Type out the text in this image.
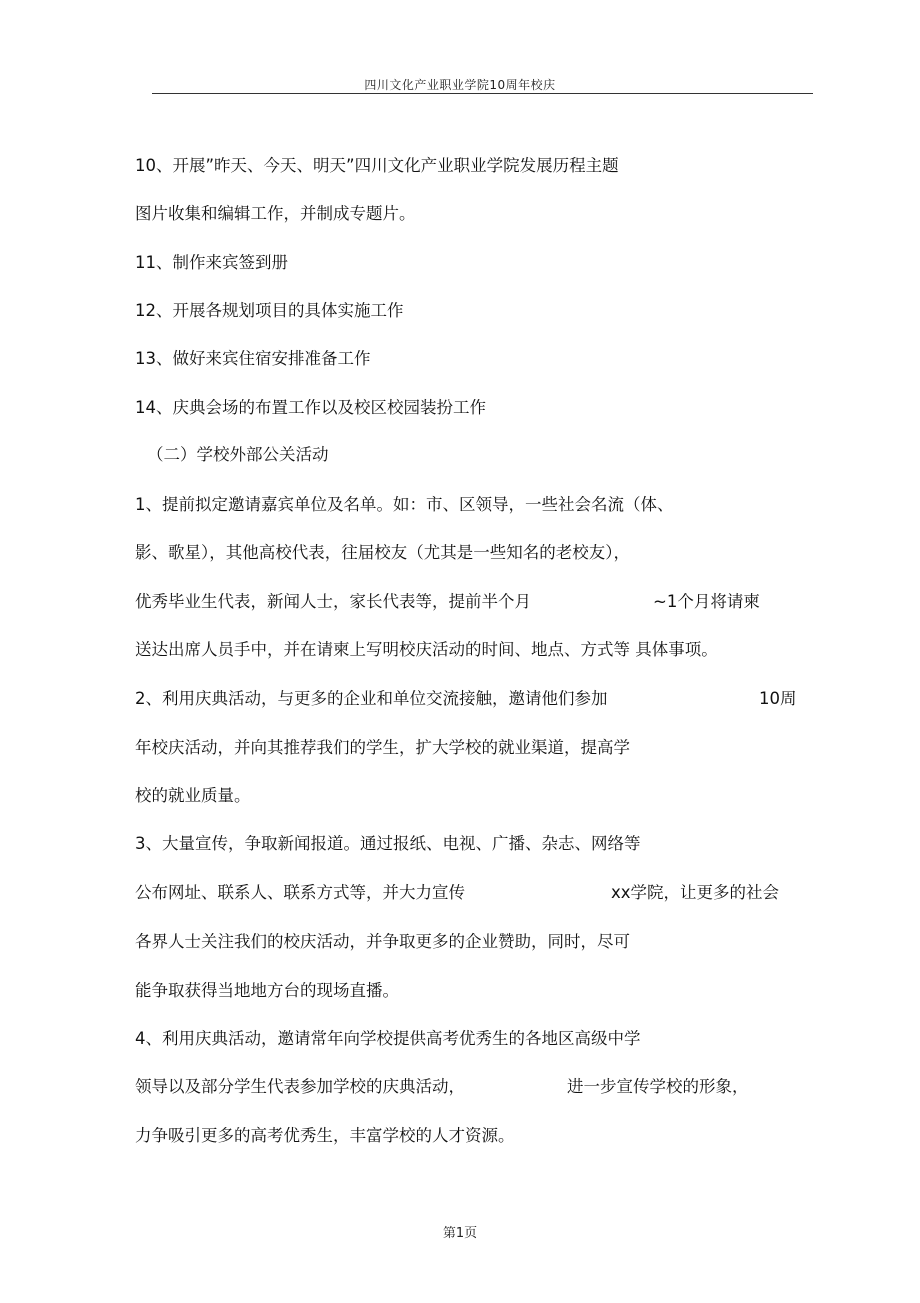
四川文化产业职业学院10周年校庆
10、开展”昨天、今天、明天”四川文化产业职业学院发展历程主题
图片收集和编辑工作，并制成专题片。
11、制作来宾签到册
12、开展各规划项目的具体实施工作
13、做好来宾住宿安排准备工作
14、庆典会场的布置工作以及校区校园装扮工作
（二）学校外部公关活动
1、提前拟定邀请嘉宾单位及名单。如：市、区领导，一些社会名流（体、
影、歌星），其他高校代表，往届校友（尤其是一些知名的老校友），
优秀毕业生代表，新闻人士，家长代表等，提前半个月	~1个月将请柬
送达出席人员手中，并在请柬上写明校庆活动的时间、地点、方式等 具体事项。
2、利用庆典活动，与更多的企业和单位交流接触，邀请他们参加	10周
年校庆活动，并向其推荐我们的学生，扩大学校的就业渠道，提高学
校的就业质量。
3、大量宣传，争取新闻报道。通过报纸、电视、广播、杂志、网络等
公布网址、联系人、联系方式等，并大力宣传	xx学院，让更多的社会
各界人士关注我们的校庆活动，并争取更多的企业赞助，同时，尽可
能争取获得当地地方台的现场直播。
4、利用庆典活动，邀请常年向学校提供高考优秀生的各地区高级中学
领导以及部分学生代表参加学校的庆典活动，	进一步宣传学校的形象，
力争吸引更多的高考优秀生，丰富学校的人才资源。
第1页
